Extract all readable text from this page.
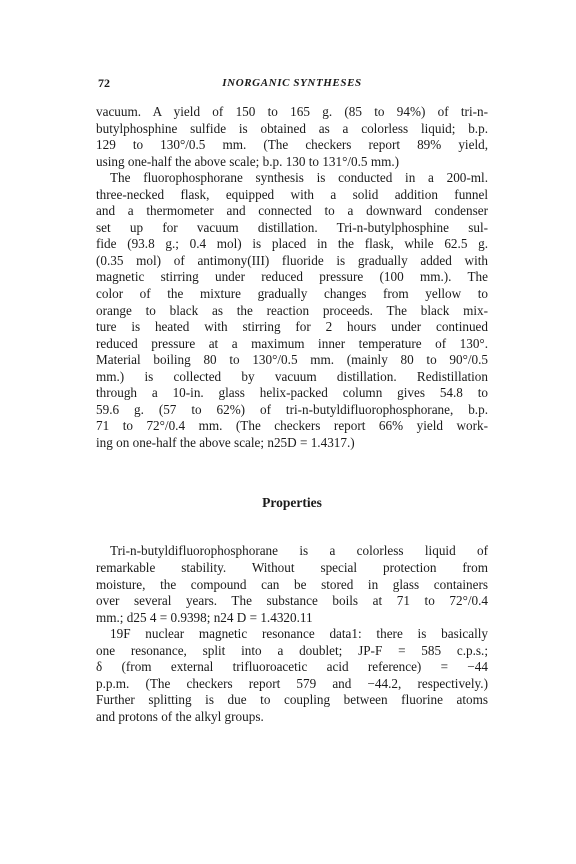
72	INORGANIC SYNTHESES
vacuum. A yield of 150 to 165 g. (85 to 94%) of tri-n-
butylphosphine sulfide is obtained as a colorless liquid; b.p.
129 to 130°/0.5 mm. (The checkers report 89% yield,
using one-half the above scale; b.p. 130 to 131°/0.5 mm.)
The fluorophosphorane synthesis is conducted in a 200-ml.
three-necked flask, equipped with a solid addition funnel
and a thermometer and connected to a downward condenser
set up for vacuum distillation. Tri-n-butylphosphine sul-
fide (93.8 g.; 0.4 mol) is placed in the flask, while 62.5 g.
(0.35 mol) of antimony(III) fluoride is gradually added with
magnetic stirring under reduced pressure (100 mm.). The
color of the mixture gradually changes from yellow to
orange to black as the reaction proceeds. The black mix-
ture is heated with stirring for 2 hours under continued
reduced pressure at a maximum inner temperature of 130°.
Material boiling 80 to 130°/0.5 mm. (mainly 80 to 90°/0.5
mm.) is collected by vacuum distillation. Redistillation
through a 10-in. glass helix-packed column gives 54.8 to
59.6 g. (57 to 62%) of tri-n-butyldifluorophosphorane, b.p.
71 to 72°/0.4 mm. (The checkers report 66% yield work-
ing on one-half the above scale; n25D = 1.4317.)
Properties
Tri-n-butyldifluorophosphorane is a colorless liquid of
remarkable stability. Without special protection from
moisture, the compound can be stored in glass containers
over several years. The substance boils at 71 to 72°/0.4
mm.; d25 4 = 0.9398; n24 D = 1.4320.11
19F nuclear magnetic resonance data1: there is basically
one resonance, split into a doublet; JP-F = 585 c.p.s.;
δ (from external trifluoroacetic acid reference) = −44
p.p.m. (The checkers report 579 and −44.2, respectively.)
Further splitting is due to coupling between fluorine atoms
and protons of the alkyl groups.
